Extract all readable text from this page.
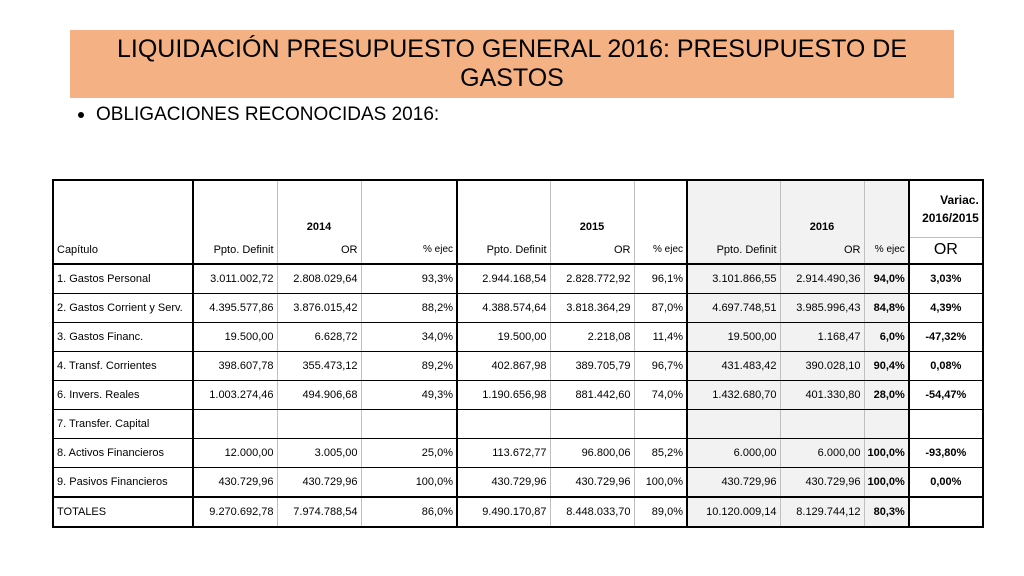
LIQUIDACIÓN PRESUPUESTO GENERAL 2016: PRESUPUESTO DE GASTOS
OBLIGACIONES RECONOCIDAS 2016:
		2014			2015			2016		Variac.
2016/2015

Capítulo	Ppto. Definit	OR	% ejec	Ppto. Definit	OR	% ejec	Ppto. Definit	OR	% ejec	OR
1. Gastos Personal	3.011.002,72	2.808.029,64	93,3%	2.944.168,54	2.828.772,92	96,1%	3.101.866,55	2.914.490,36	94,0%	3,03%
2. Gastos Corrient y Serv.	4.395.577,86	3.876.015,42	88,2%	4.388.574,64	3.818.364,29	87,0%	4.697.748,51	3.985.996,43	84,8%	4,39%
3. Gastos Financ.	19.500,00	6.628,72	34,0%	19.500,00	2.218,08	11,4%	19.500,00	1.168,47	6,0%	-47,32%
4. Transf. Corrientes	398.607,78	355.473,12	89,2%	402.867,98	389.705,79	96,7%	431.483,42	390.028,10	90,4%	0,08%
6. Invers. Reales	1.003.274,46	494.906,68	49,3%	1.190.656,98	881.442,60	74,0%	1.432.680,70	401.330,80	28,0%	-54,47%
7. Transfer. Capital										
8. Activos Financieros	12.000,00	3.005,00	25,0%	113.672,77	96.800,06	85,2%	6.000,00	6.000,00	100,0%	-93,80%
9. Pasivos Financieros	430.729,96	430.729,96	100,0%	430.729,96	430.729,96	100,0%	430.729,96	430.729,96	100,0%	0,00%
TOTALES	9.270.692,78	7.974.788,54	86,0%	9.490.170,87	8.448.033,70	89,0%	10.120.009,14	8.129.744,12	80,3%	
